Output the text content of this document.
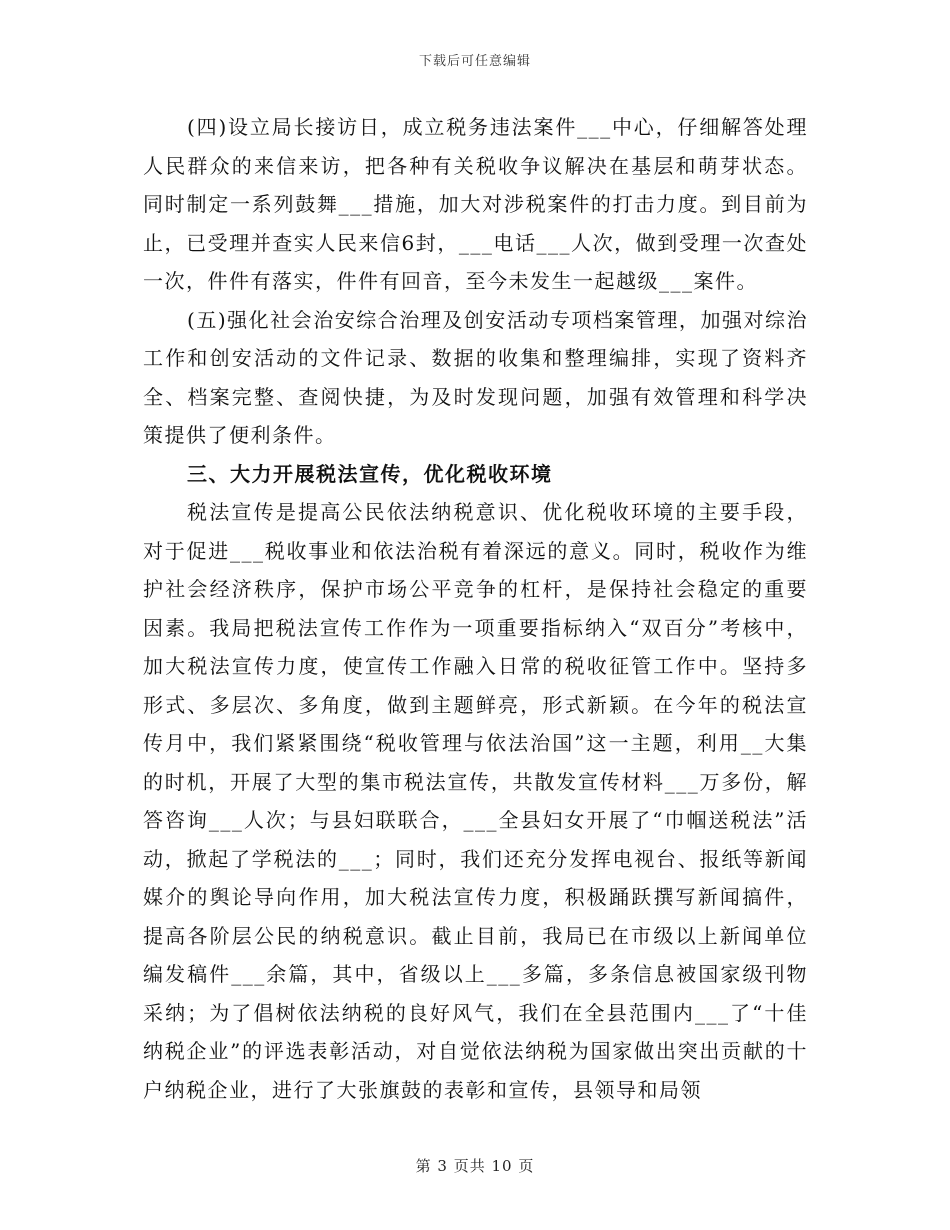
下载后可任意编辑

(四)设立局长接访日，成立税务违法案件___中心，仔细解答处理人民群众的来信来访，把各种有关税收争议解决在基层和萌芽状态。同时制定一系列鼓舞___措施，加大对涉税案件的打击力度。到目前为止，已受理并查实人民来信6封，___电话___人次，做到受理一次查处一次，件件有落实，件件有回音，至今未发生一起越级___案件。

(五)强化社会治安综合治理及创安活动专项档案管理，加强对综治工作和创安活动的文件记录、数据的收集和整理编排，实现了资料齐全、档案完整、查阅快捷，为及时发现问题，加强有效管理和科学决策提供了便利条件。

三、大力开展税法宣传，优化税收环境

税法宣传是提高公民依法纳税意识、优化税收环境的主要手段，对于促进___税收事业和依法治税有着深远的意义。同时，税收作为维护社会经济秩序，保护市场公平竞争的杠杆，是保持社会稳定的重要因素。我局把税法宣传工作作为一项重要指标纳入“双百分”考核中，加大税法宣传力度，使宣传工作融入日常的税收征管工作中。坚持多形式、多层次、多角度，做到主题鲜亮，形式新颖。在今年的税法宣传月中，我们紧紧围绕“税收管理与依法治国”这一主题，利用__大集的时机，开展了大型的集市税法宣传，共散发宣传材料___万多份，解答咨询___人次；与县妇联联合，___全县妇女开展了“巾帼送税法”活动，掀起了学税法的___；同时，我们还充分发挥电视台、报纸等新闻媒介的舆论导向作用，加大税法宣传力度，积极踊跃撰写新闻搞件，提高各阶层公民的纳税意识。截止目前，我局已在市级以上新闻单位编发稿件___余篇，其中，省级以上___多篇，多条信息被国家级刊物采纳；为了倡树依法纳税的良好风气，我们在全县范围内___了“十佳纳税企业”的评选表彰活动，对自觉依法纳税为国家做出突出贡献的十户纳税企业，进行了大张旗鼓的表彰和宣传，县领导和局领

第 3 页共 10 页
